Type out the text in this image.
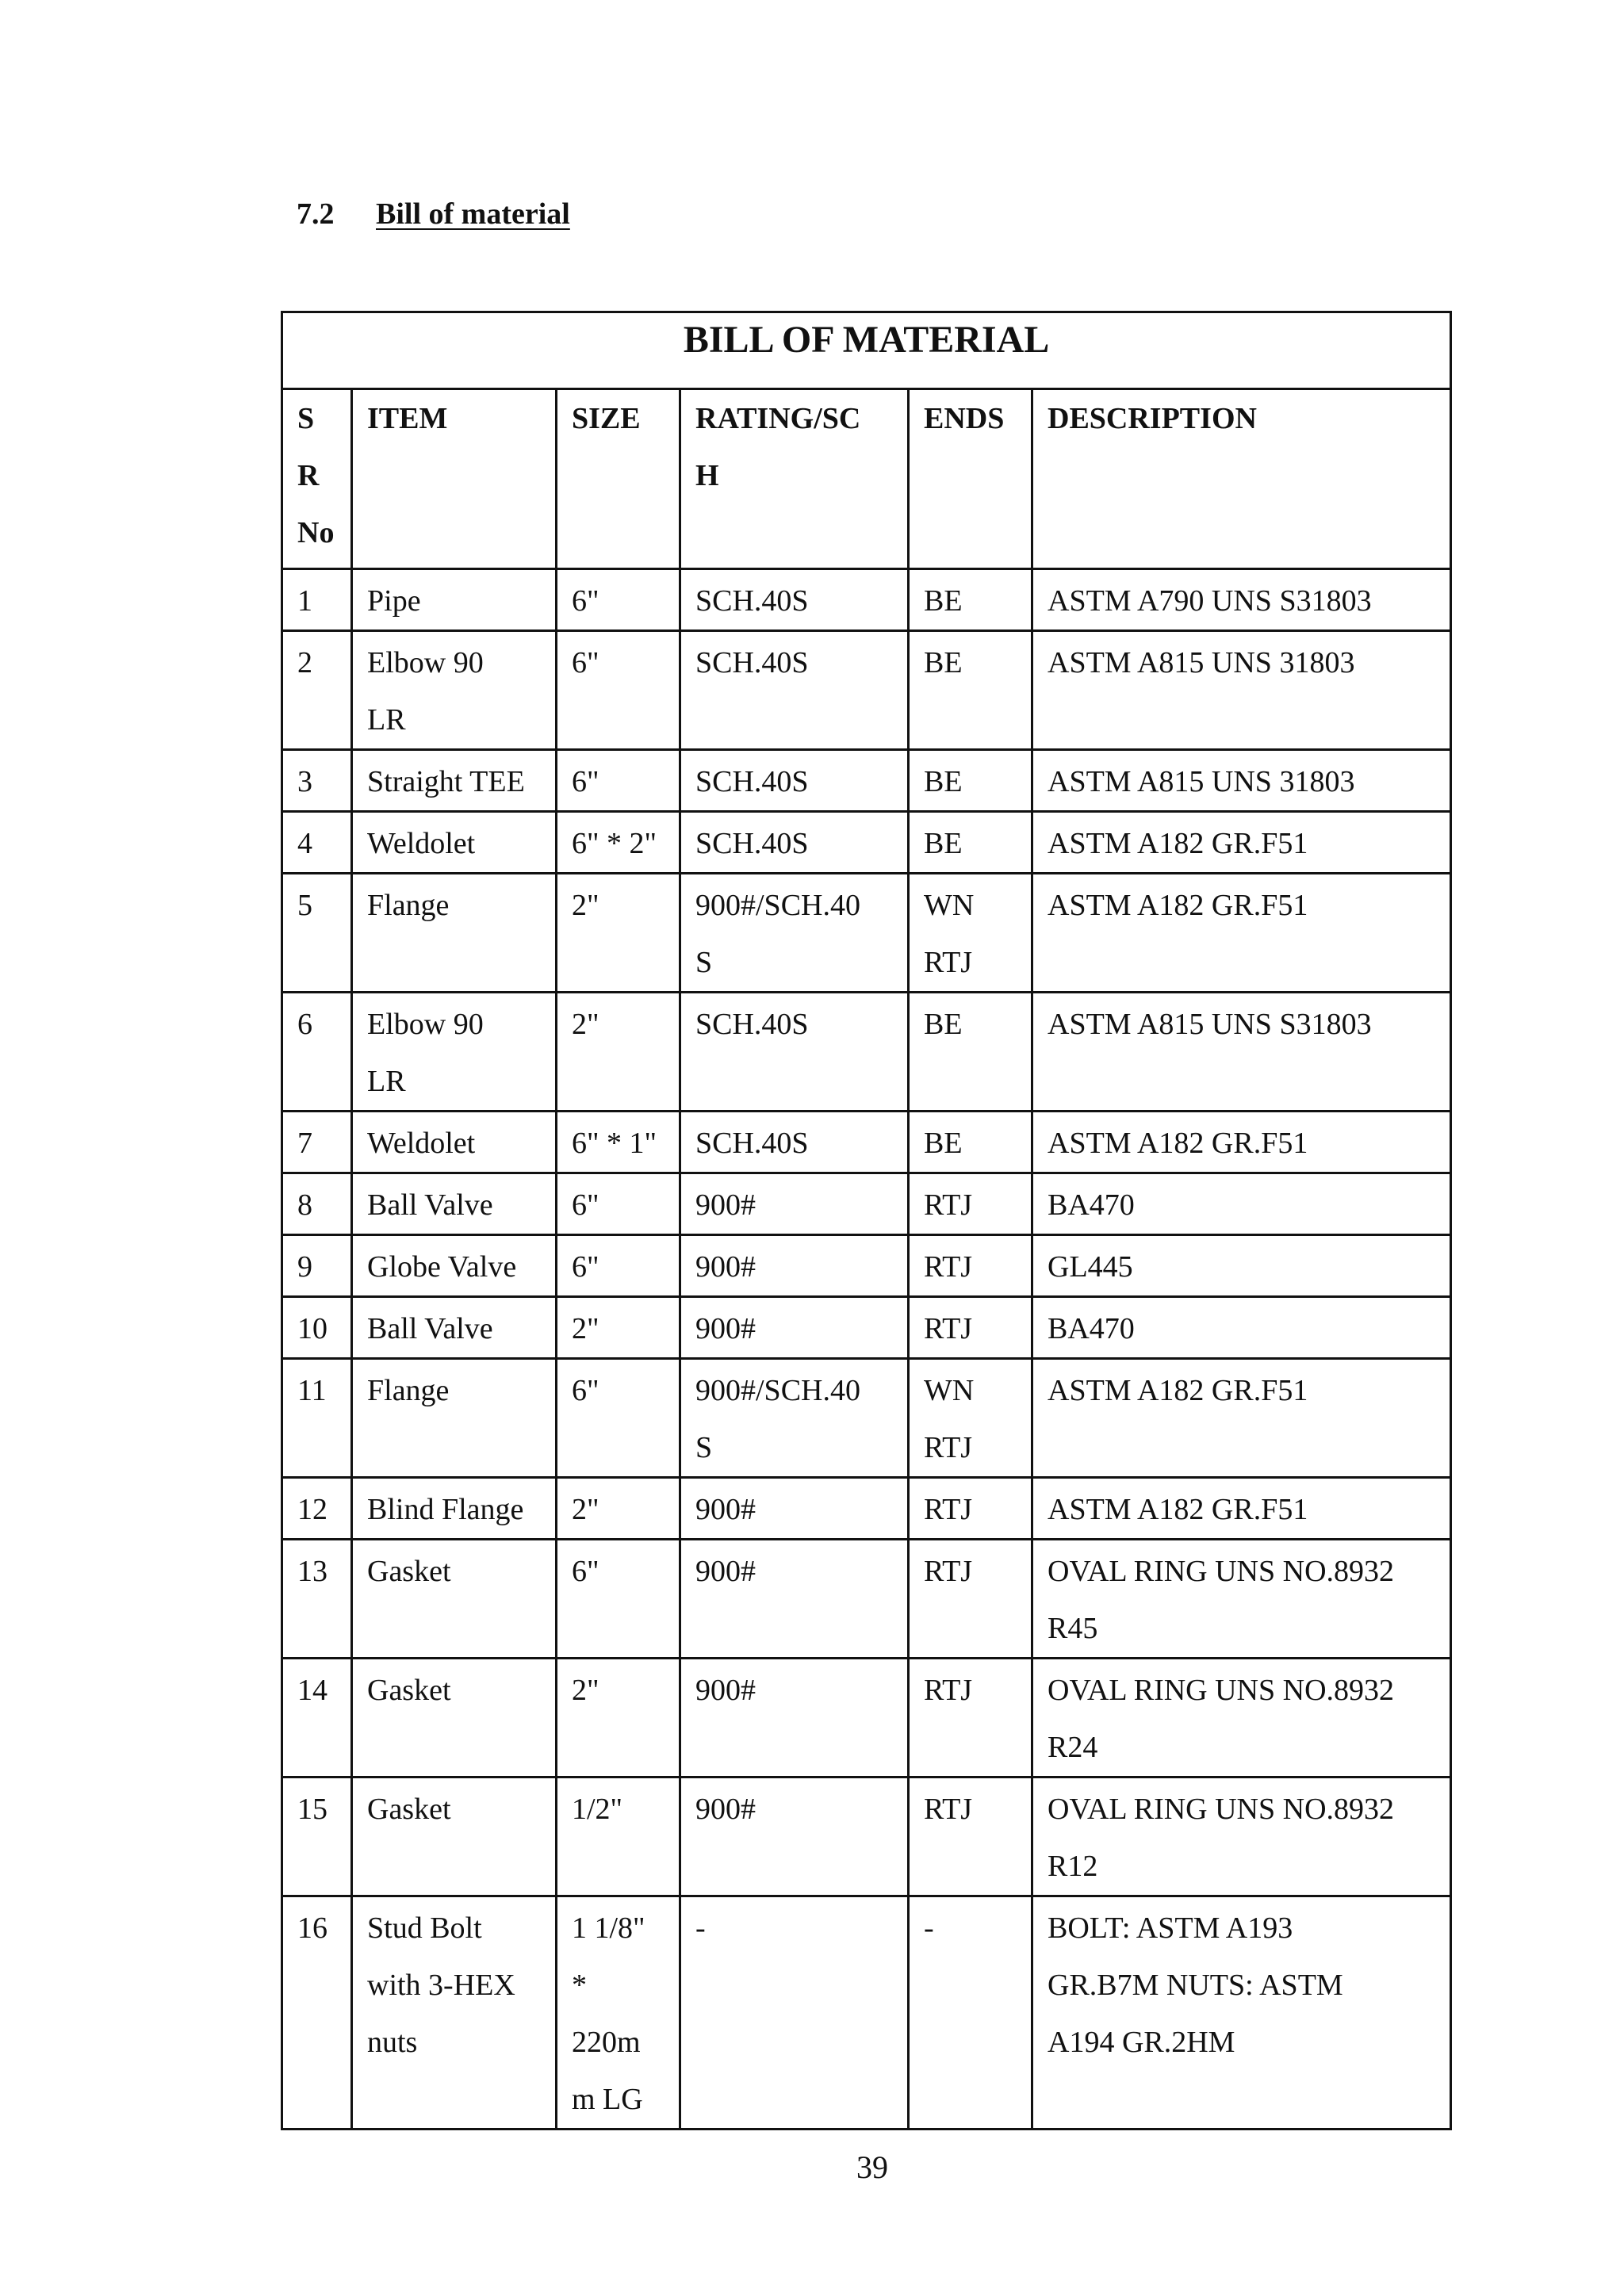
7.2 Bill of material
BILL OF MATERIAL					

S
R
No	ITEM	SIZE	RATING/SC
H	ENDS	DESCRIPTION

1	Pipe	6"	SCH.40S	BE	ASTM A790 UNS S31803

2	Elbow 90
LR	6"	SCH.40S	BE	ASTM A815 UNS 31803

3	Straight TEE	6"	SCH.40S	BE	ASTM A815 UNS 31803

4	Weldolet	6" * 2"	SCH.40S	BE	ASTM A182 GR.F51

5	Flange	2"	900#/SCH.40
S	WN
RTJ	ASTM A182 GR.F51

6	Elbow 90
LR	2"	SCH.40S	BE	ASTM A815 UNS S31803

7	Weldolet	6" * 1"	SCH.40S	BE	ASTM A182 GR.F51

8	Ball Valve	6"	900#	RTJ	BA470

9	Globe Valve	6"	900#	RTJ	GL445

10	Ball Valve	2"	900#	RTJ	BA470

11	Flange	6"	900#/SCH.40
S	WN
RTJ	ASTM A182 GR.F51

12	Blind Flange	2"	900#	RTJ	ASTM A182 GR.F51

13	Gasket	6"	900#	RTJ	OVAL RING UNS NO.8932
R45

14	Gasket	2"	900#	RTJ	OVAL RING UNS NO.8932
R24

15	Gasket	1/2"	900#	RTJ	OVAL RING UNS NO.8932
R12

16	Stud Bolt
with 3-HEX
nuts	1 1/8"
*
220m
m LG	-	-	BOLT: ASTM A193
GR.B7M NUTS: ASTM
A194 GR.2HM
39
